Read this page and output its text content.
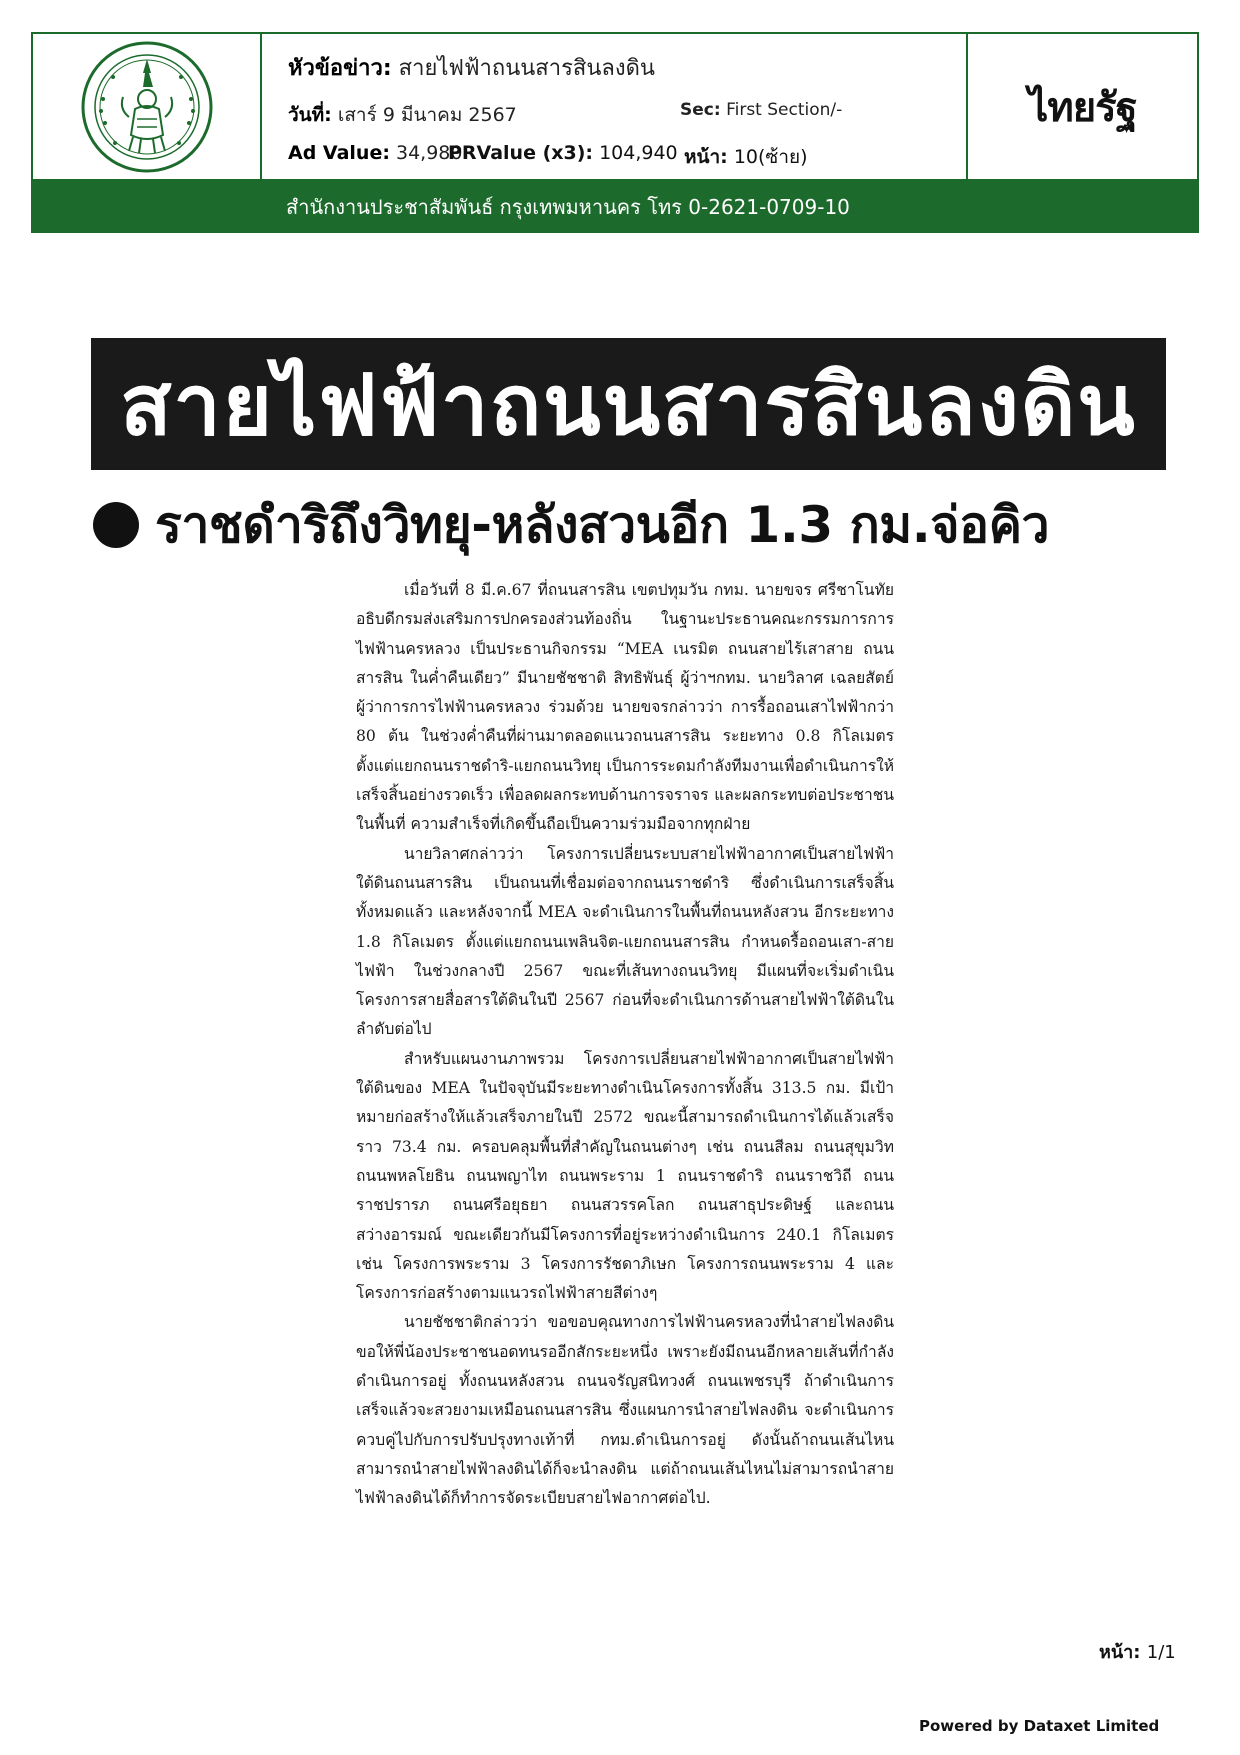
หัวข้อข่าว: สายไฟฟ้าถนนสารสินลงดิน
วันที่: เสาร์ 9 มีนาคม 2567	Sec: First Section/-
Ad Value: 34,980
PRValue (x3): 104,940 หน้า: 10(ซ้าย)
ไทยรัฐ
สำนักงานประชาสัมพันธ์ กรุงเทพมหานคร โทร 0-2621-0709-10
สายไฟฟ้าถนนสารสินลงดิน
ราชดำริถึงวิทยุ-หลังสวนอีก 1.3 กม.จ่อคิว

เมื่อวันที่ 8 มี.ค.67 ที่ถนนสารสิน เขตปทุมวัน กทม. นายขจร ศรีชาโนทัย อธิบดีกรมส่งเสริมการปกครองส่วนท้องถิ่น ในฐานะประธานคณะกรรมการการไฟฟ้านครหลวง เป็นประธานกิจกรรม “MEA เนรมิต ถนนสายไร้เสาสาย ถนนสารสิน ในค่ำคืนเดียว” มีนายชัชชาติ สิทธิพันธุ์ ผู้ว่าฯกทม. นายวิลาศ เฉลยสัตย์ ผู้ว่าการการไฟฟ้านครหลวง ร่วมด้วย นายขจรกล่าวว่า การรื้อถอนเสาไฟฟ้ากว่า 80 ต้น ในช่วงค่ำคืนที่ผ่านมาตลอดแนวถนนสารสิน ระยะทาง 0.8 กิโลเมตร ตั้งแต่แยกถนนราชดำริ-แยกถนนวิทยุ เป็นการระดมกำลังทีมงานเพื่อดำเนินการให้เสร็จสิ้นอย่างรวดเร็ว เพื่อลดผลกระทบด้านการจราจร และผลกระทบต่อประชาชนในพื้นที่ ความสำเร็จที่เกิดขึ้นถือเป็นความร่วมมือจากทุกฝ่าย

นายวิลาศกล่าวว่า โครงการเปลี่ยนระบบสายไฟฟ้าอากาศเป็นสายไฟฟ้าใต้ดินถนนสารสิน เป็นถนนที่เชื่อมต่อจากถนนราชดำริ ซึ่งดำเนินการเสร็จสิ้นทั้งหมดแล้ว และหลังจากนี้ MEA จะดำเนินการในพื้นที่ถนนหลังสวน อีกระยะทาง 1.8 กิโลเมตร ตั้งแต่แยกถนนเพลินจิต-แยกถนนสารสิน กำหนดรื้อถอนเสา-สายไฟฟ้า ในช่วงกลางปี 2567 ขณะที่เส้นทางถนนวิทยุ มีแผนที่จะเริ่มดำเนินโครงการสายสื่อสารใต้ดินในปี 2567 ก่อนที่จะดำเนินการด้านสายไฟฟ้าใต้ดินในลำดับต่อไป

สำหรับแผนงานภาพรวม โครงการเปลี่ยนสายไฟฟ้าอากาศเป็นสายไฟฟ้าใต้ดินของ MEA ในปัจจุบันมีระยะทางดำเนินโครงการทั้งสิ้น 313.5 กม. มีเป้าหมายก่อสร้างให้แล้วเสร็จภายในปี 2572 ขณะนี้สามารถดำเนินการได้แล้วเสร็จราว 73.4 กม. ครอบคลุมพื้นที่สำคัญในถนนต่างๆ เช่น ถนนสีลม ถนนสุขุมวิท ถนนพหลโยธิน ถนนพญาไท ถนนพระราม 1 ถนนราชดำริ ถนนราชวิถี ถนนราชปรารภ ถนนศรีอยุธยา ถนนสวรรคโลก ถนนสาธุประดิษฐ์ และถนนสว่างอารมณ์ ขณะเดียวกันมีโครงการที่อยู่ระหว่างดำเนินการ 240.1 กิโลเมตร เช่น โครงการพระราม 3 โครงการรัชดาภิเษก โครงการถนนพระราม 4 และโครงการก่อสร้างตามแนวรถไฟฟ้าสายสีต่างๆ

นายชัชชาติกล่าวว่า ขอขอบคุณทางการไฟฟ้านครหลวงที่นำสายไฟลงดิน ขอให้พี่น้องประชาชนอดทนรออีกสักระยะหนึ่ง เพราะยังมีถนนอีกหลายเส้นที่กำลังดำเนินการอยู่ ทั้งถนนหลังสวน ถนนจรัญสนิทวงศ์ ถนนเพชรบุรี ถ้าดำเนินการเสร็จแล้วจะสวยงามเหมือนถนนสารสิน ซึ่งแผนการนำสายไฟลงดิน จะดำเนินการควบคู่ไปกับการปรับปรุงทางเท้าที่ กทม.ดำเนินการอยู่ ดังนั้นถ้าถนนเส้นไหนสามารถนำสายไฟฟ้าลงดินได้ก็จะนำลงดิน แต่ถ้าถนนเส้นไหนไม่สามารถนำสายไฟฟ้าลงดินได้ก็ทำการจัดระเบียบสายไฟอากาศต่อไป.

หน้า: 1/1
Powered by Dataxet Limited
